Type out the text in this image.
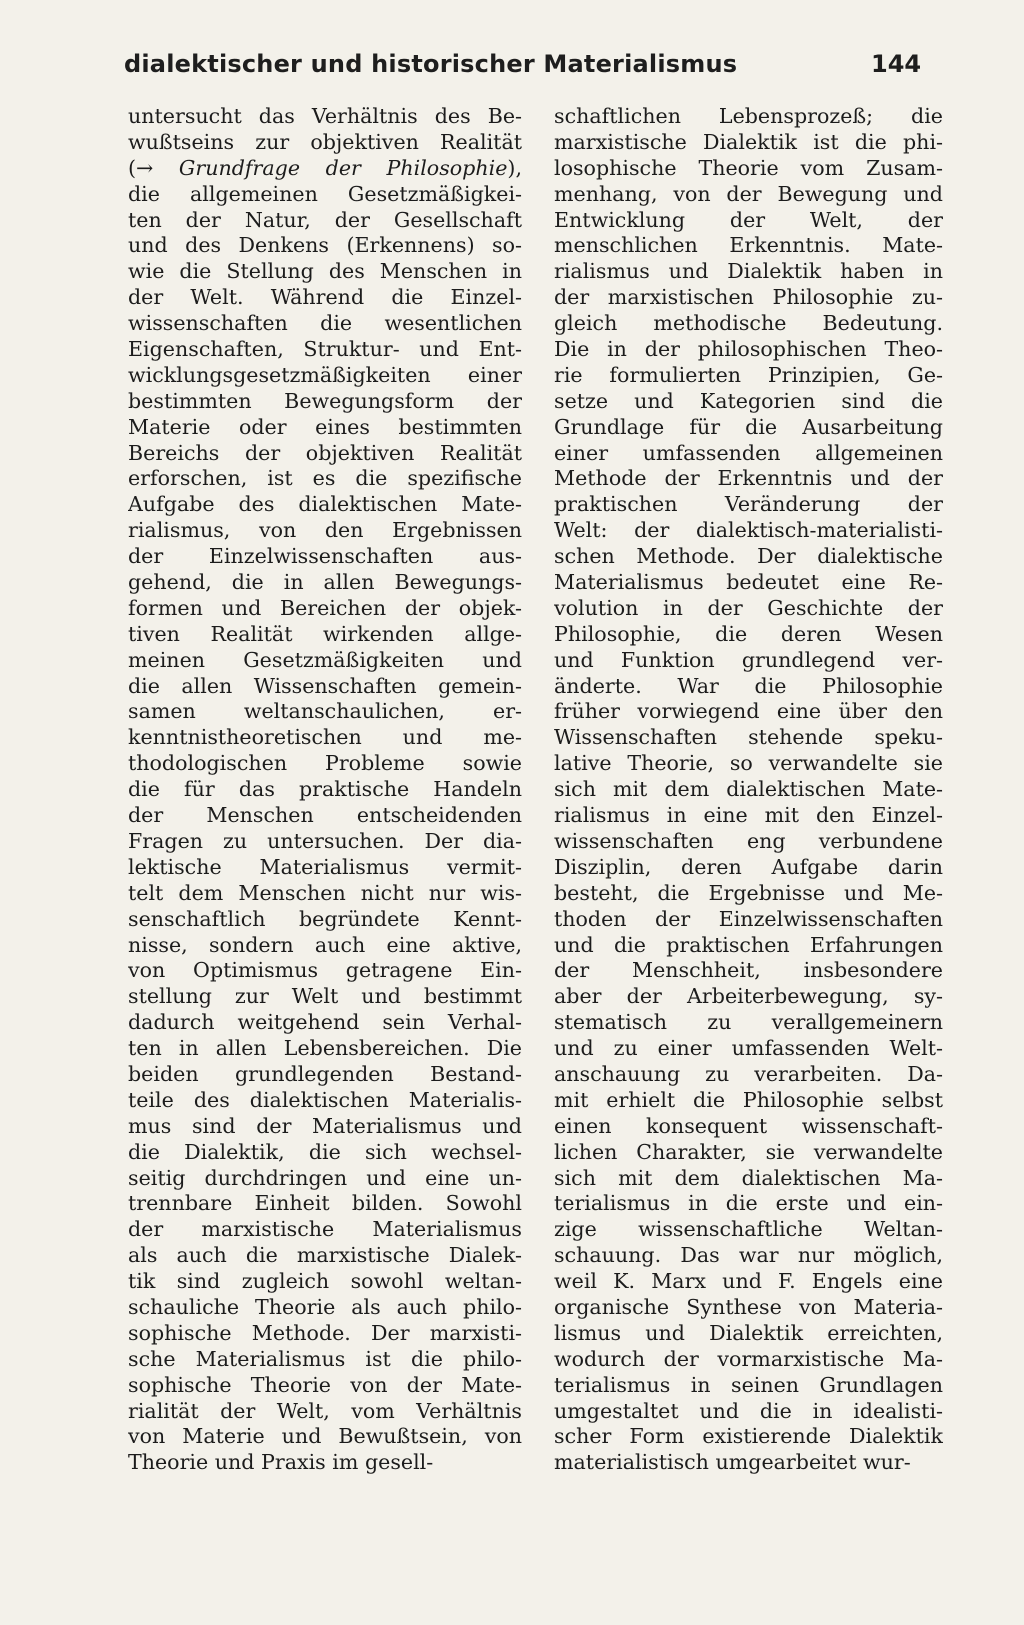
dialektischer und historischer Materialismus	144
untersucht das Verhältnis des Be-
wußtseins zur objektiven Realität
(→ Grundfrage der Philosophie),
die allgemeinen Gesetzmäßigkei-
ten der Natur, der Gesellschaft
und des Denkens (Erkennens) so-
wie die Stellung des Menschen in
der Welt. Während die Einzel-
wissenschaften die wesentlichen
Eigenschaften, Struktur- und Ent-
wicklungsgesetzmäßigkeiten einer
bestimmten Bewegungsform der
Materie oder eines bestimmten
Bereichs der objektiven Realität
erforschen, ist es die spezifische
Aufgabe des dialektischen Mate-
rialismus, von den Ergebnissen
der Einzelwissenschaften aus-
gehend, die in allen Bewegungs-
formen und Bereichen der objek-
tiven Realität wirkenden allge-
meinen Gesetzmäßigkeiten und
die allen Wissenschaften gemein-
samen weltanschaulichen, er-
kenntnistheoretischen und me-
thodologischen Probleme sowie
die für das praktische Handeln
der Menschen entscheidenden
Fragen zu untersuchen. Der dia-
lektische Materialismus vermit-
telt dem Menschen nicht nur wis-
senschaftlich begründete Kennt-
nisse, sondern auch eine aktive,
von Optimismus getragene Ein-
stellung zur Welt und bestimmt
dadurch weitgehend sein Verhal-
ten in allen Lebensbereichen. Die
beiden grundlegenden Bestand-
teile des dialektischen Materialis-
mus sind der Materialismus und
die Dialektik, die sich wechsel-
seitig durchdringen und eine un-
trennbare Einheit bilden. Sowohl
der marxistische Materialismus
als auch die marxistische Dialek-
tik sind zugleich sowohl weltan-
schauliche Theorie als auch philo-
sophische Methode. Der marxisti-
sche Materialismus ist die philo-
sophische Theorie von der Mate-
rialität der Welt, vom Verhältnis
von Materie und Bewußtsein, von
Theorie und Praxis im gesell-
schaftlichen Lebensprozeß; die
marxistische Dialektik ist die phi-
losophische Theorie vom Zusam-
menhang, von der Bewegung und
Entwicklung der Welt, der
menschlichen Erkenntnis. Mate-
rialismus und Dialektik haben in
der marxistischen Philosophie zu-
gleich methodische Bedeutung.
Die in der philosophischen Theo-
rie formulierten Prinzipien, Ge-
setze und Kategorien sind die
Grundlage für die Ausarbeitung
einer umfassenden allgemeinen
Methode der Erkenntnis und der
praktischen Veränderung der
Welt: der dialektisch-materialisti-
schen Methode. Der dialektische
Materialismus bedeutet eine Re-
volution in der Geschichte der
Philosophie, die deren Wesen
und Funktion grundlegend ver-
änderte. War die Philosophie
früher vorwiegend eine über den
Wissenschaften stehende speku-
lative Theorie, so verwandelte sie
sich mit dem dialektischen Mate-
rialismus in eine mit den Einzel-
wissenschaften eng verbundene
Disziplin, deren Aufgabe darin
besteht, die Ergebnisse und Me-
thoden der Einzelwissenschaften
und die praktischen Erfahrungen
der Menschheit, insbesondere
aber der Arbeiterbewegung, sy-
stematisch zu verallgemeinern
und zu einer umfassenden Welt-
anschauung zu verarbeiten. Da-
mit erhielt die Philosophie selbst
einen konsequent wissenschaft-
lichen Charakter, sie verwandelte
sich mit dem dialektischen Ma-
terialismus in die erste und ein-
zige wissenschaftliche Weltan-
schauung. Das war nur möglich,
weil K. Marx und F. Engels eine
organische Synthese von Materia-
lismus und Dialektik erreichten,
wodurch der vormarxistische Ma-
terialismus in seinen Grundlagen
umgestaltet und die in idealisti-
scher Form existierende Dialektik
materialistisch umgearbeitet wur-
